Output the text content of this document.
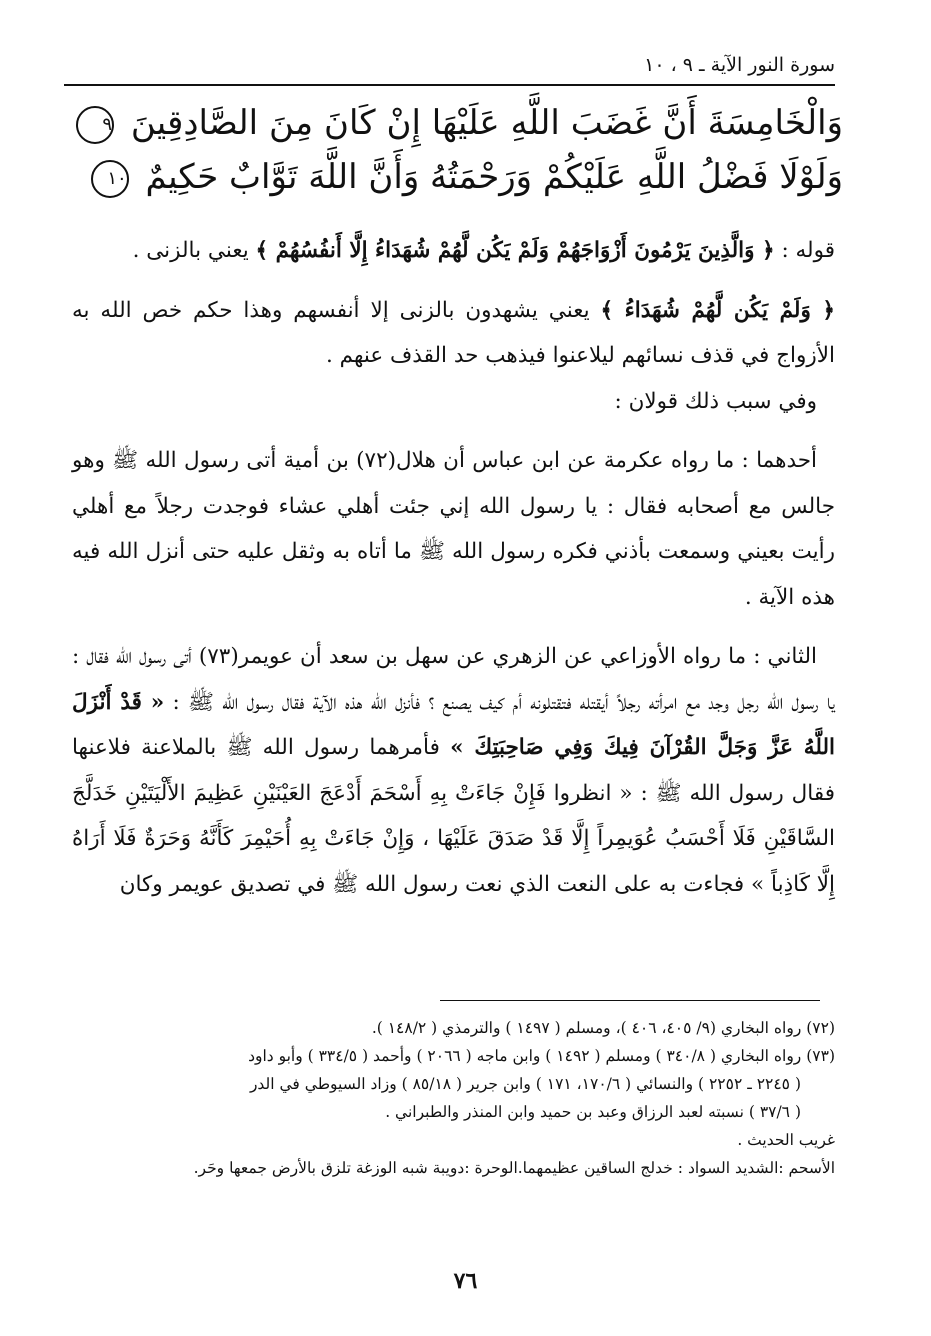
سورة النور الآية ـ ٩ ، ١٠
وَالْخَامِسَةَ أَنَّ غَضَبَ اللَّهِ عَلَيْهَا إِنْ كَانَ مِنَ الصَّادِقِينَ ٩ وَلَوْلَا فَضْلُ اللَّهِ عَلَيْكُمْ وَرَحْمَتُهُ وَأَنَّ اللَّهَ تَوَّابٌ حَكِيمٌ ١٠

قوله : ﴿ وَالَّذِينَ يَرْمُونَ أَزْوَاجَهُمْ وَلَمْ يَكُن لَّهُمْ شُهَدَاءُ إِلَّا أَنفُسُهُمْ ﴾ يعني بالزنى .

﴿ وَلَمْ يَكُن لَّهُمْ شُهَدَاءُ ﴾ يعني يشهدون بالزنى إلا أنفسهم وهذا حكم خص الله به الأزواج في قذف نسائهم ليلاعنوا فيذهب حد القذف عنهم .

وفي سبب ذلك قولان :

أحدهما : ما رواه عكرمة عن ابن عباس أن هلال(٧٢) بن أمية أتى رسول الله ﷺ وهو جالس مع أصحابه فقال : يا رسول الله إني جئت أهلي عشاء فوجدت رجلاً مع أهلي رأيت بعيني وسمعت بأذني فكره رسول الله ﷺ ما أتاه به وثقل عليه حتى أنزل الله فيه هذه الآية .

الثاني : ما رواه الأوزاعي عن الزهري عن سهل بن سعد أن عويمر(٧٣) أتى رسول الله فقال : يا رسول الله رجل وجد مع امرأته رجلاً أيقتله فتقتلونه أم كيف يصنع ؟ فأنزل الله هذه الآية فقال رسول الله ﷺ : « قَدْ أَنْزَلَ اللَّهُ عَزَّ وَجَلَّ القُرْآنَ فِيكَ وَفِي صَاحِبَتِكَ » فأمرهما رسول الله ﷺ بالملاعنة فلاعنها فقال رسول الله ﷺ : « انظروا فَإِنْ جَاءَتْ بِهِ أَسْحَمَ أَدْعَجَ العَيْنَيْنِ عَظِيمَ الأَلْيَتَيْنِ خَدَلَّجَ السَّاقَيْنِ فَلَا أَحْسَبُ عُوَيمِراً إِلَّا قَدْ صَدَقَ عَلَيْهَا ، وَإِنْ جَاءَتْ بِهِ أُحَيْمِرَ كَأَنَّهُ وَحَرَةٌ فَلَا أَرَاهُ إِلَّا كَاذِباً » فجاءت به على النعت الذي نعت رسول الله ﷺ في تصديق عويمر وكان

(٧٢) رواه البخاري (٩/ ٤٠٥، ٤٠٦ )، ومسلم ( ١٤٩٧ ) والترمذي ( ١٤٨/٢ ).

(٧٣) رواه البخاري ( ٣٤٠/٨ ) ومسلم ( ١٤٩٢ ) وابن ماجه ( ٢٠٦٦ ) وأحمد ( ٣٣٤/٥ ) وأبو داود

( ٢٢٤٥ ـ ٢٢٥٢ ) والنسائي ( ١٧٠/٦، ١٧١ ) وابن جرير ( ٨٥/١٨ ) وزاد السيوطي في الدر

( ٣٧/٦ ) نسبته لعبد الرزاق وعبد بن حميد وابن المنذر والطبراني .

غريب الحديث .

الأسحم :الشديد السواد : خدلج الساقين عظيمهما.الوحرة :دويبة شبه الوزغة تلزق بالأرض جمعها وحَر.

٧٦
